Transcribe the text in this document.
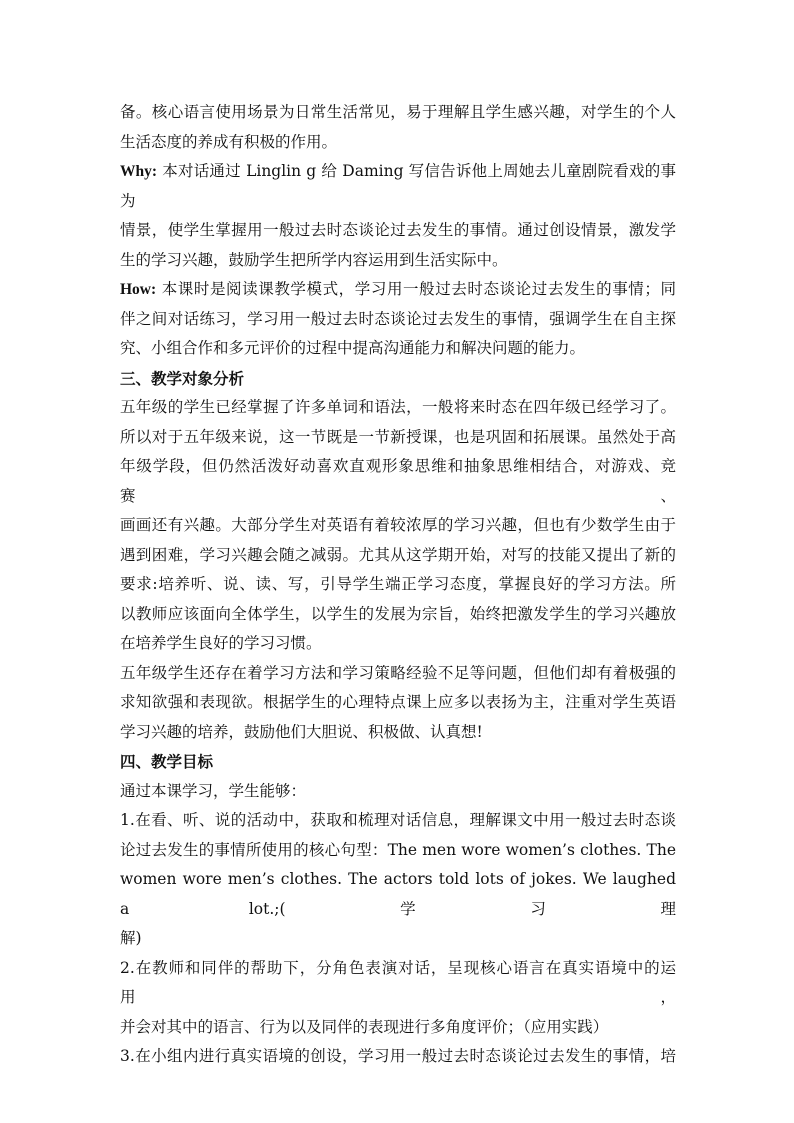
备。核心语言使用场景为日常生活常见，易于理解且学生感兴趣，对学生的个人
生活态度的养成有积极的作用。
Why: 本对话通过 Linglin g 给 Daming 写信告诉他上周她去儿童剧院看戏的事为
情景，使学生掌握用一般过去时态谈论过去发生的事情。通过创设情景，激发学
生的学习兴趣，鼓励学生把所学内容运用到生活实际中。
How: 本课时是阅读课教学模式，学习用一般过去时态谈论过去发生的事情；同
伴之间对话练习，学习用一般过去时态谈论过去发生的事情，强调学生在自主探
究、小组合作和多元评价的过程中提高沟通能力和解决问题的能力。
三、教学对象分析
五年级的学生已经掌握了许多单词和语法，一般将来时态在四年级已经学习了。
所以对于五年级来说，这一节既是一节新授课，也是巩固和拓展课。虽然处于高
年级学段，但仍然活泼好动喜欢直观形象思维和抽象思维相结合，对游戏、竞赛、
画画还有兴趣。大部分学生对英语有着较浓厚的学习兴趣，但也有少数学生由于
遇到困难，学习兴趣会随之减弱。尤其从这学期开始，对写的技能又提出了新的
要求:培养听、说、读、写，引导学生端正学习态度，掌握良好的学习方法。所
以教师应该面向全体学生，以学生的发展为宗旨，始终把激发学生的学习兴趣放
在培养学生良好的学习习惯。
五年级学生还存在着学习方法和学习策略经验不足等问题，但他们却有着极强的
求知欲强和表现欲。根据学生的心理特点课上应多以表扬为主，注重对学生英语
学习兴趣的培养，鼓励他们大胆说、积极做、认真想!
四、教学目标
通过本课学习，学生能够：
1.在看、听、说的活动中，获取和梳理对话信息，理解课文中用一般过去时态谈
论过去发生的事情所使用的核心句型：The men wore women’s clothes. The
women wore men’s clothes. The actors told lots of jokes. We laughed a lot.;(学习理
解)
2.在教师和同伴的帮助下，分角色表演对话，呈现核心语言在真实语境中的运用，
并会对其中的语言、行为以及同伴的表现进行多角度评价；（应用实践）
3.在小组内进行真实语境的创设，学习用一般过去时态谈论过去发生的事情，培
